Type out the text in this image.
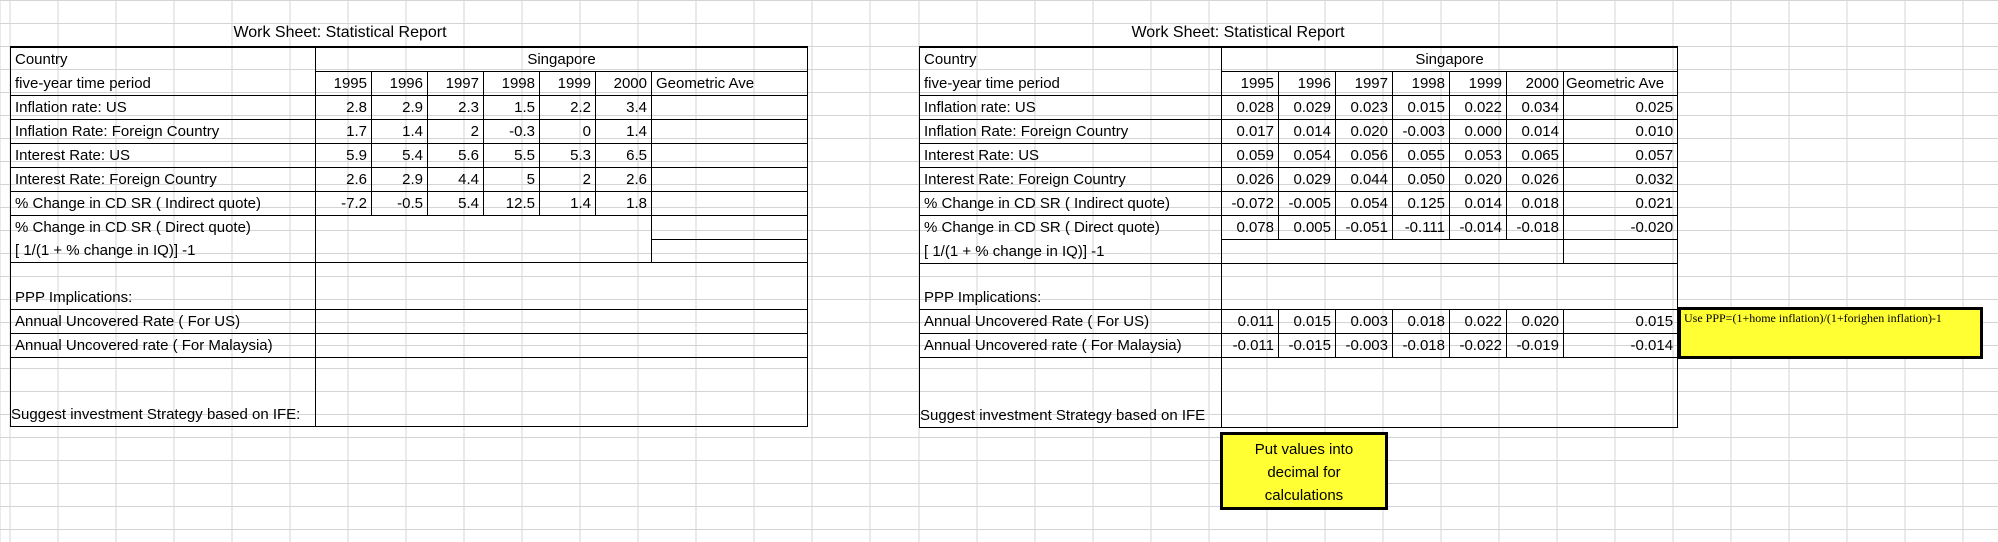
Work Sheet: Statistical Report
Country	Singapore						
five-year time period	1995	1996	1997	1998	1999	2000	Geometric Ave
Inflation rate: US	2.8	2.9	2.3	1.5	2.2	3.4	
Inflation Rate: Foreign Country	1.7	1.4	2	-0.3	0	1.4	
Interest Rate: US	5.9	5.4	5.6	5.5	5.3	6.5	
Interest Rate: Foreign Country	2.6	2.9	4.4	5	2	2.6	
% Change in CD SR ( Indirect quote)	-7.2	-0.5	5.4	12.5	1.4	1.8	
% Change in CD SR ( Direct quote)							
[ 1/(1 + % change in IQ)] -1							

PPP Implications:							
Annual Uncovered Rate ( For US)							
Annual Uncovered rate ( For Malaysia)							

Suggest investment Strategy based on IFE:							
Work Sheet: Statistical Report
Country	Singapore						
five-year time period	1995	1996	1997	1998	1999	2000	Geometric Ave
Inflation rate: US	0.028	0.029	0.023	0.015	0.022	0.034	0.025
Inflation Rate: Foreign Country	0.017	0.014	0.020	-0.003	0.000	0.014	0.010
Interest Rate: US	0.059	0.054	0.056	0.055	0.053	0.065	0.057
Interest Rate: Foreign Country	0.026	0.029	0.044	0.050	0.020	0.026	0.032
% Change in CD SR ( Indirect quote)	-0.072	-0.005	0.054	0.125	0.014	0.018	0.021
% Change in CD SR ( Direct quote)	0.078	0.005	-0.051	-0.111	-0.014	-0.018	-0.020
[ 1/(1 + % change in IQ)] -1							

PPP Implications:							
Annual Uncovered Rate ( For US)	0.011	0.015	0.003	0.018	0.022	0.020	0.015
Annual Uncovered rate ( For Malaysia)	-0.011	-0.015	-0.003	-0.018	-0.022	-0.019	-0.014

Suggest investment Strategy based on IFE							
Use PPP=(1+home inflation)/(1+forighen inflation)-1
Put values into decimal for calculations
